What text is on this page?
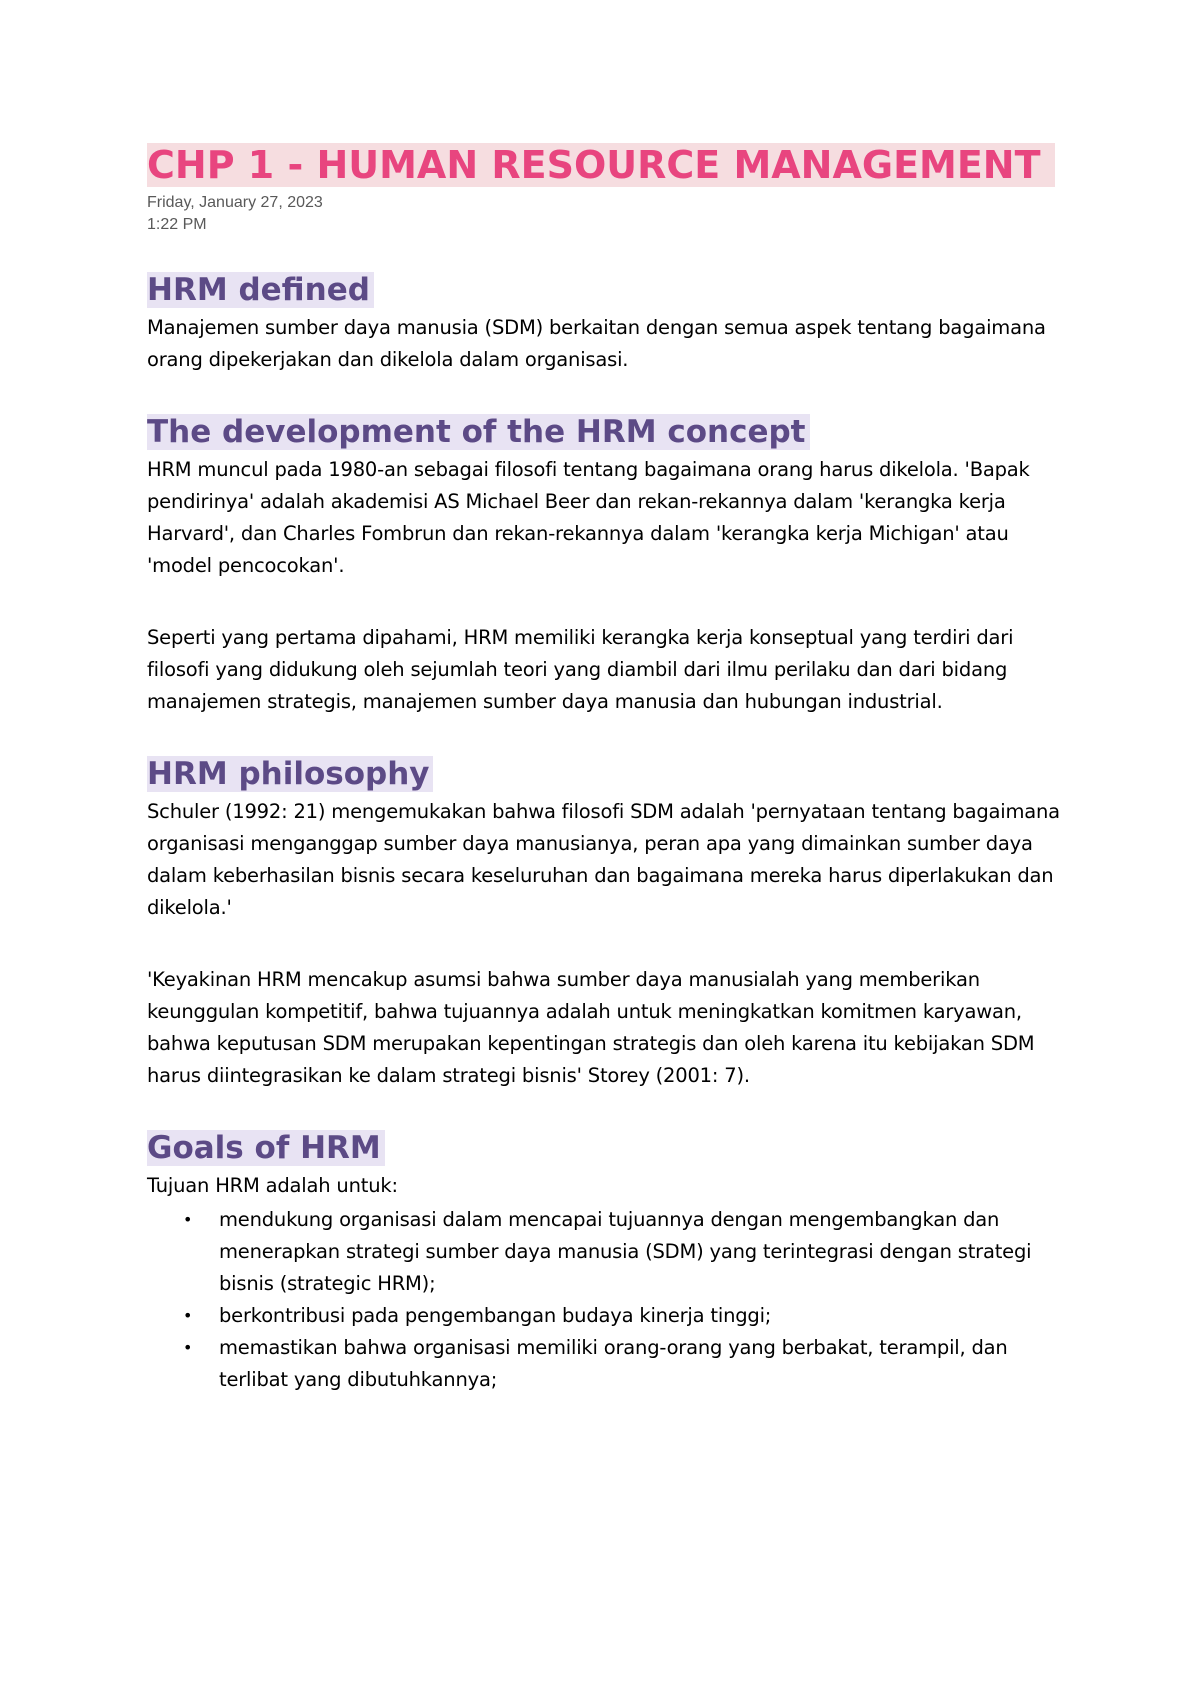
CHP 1 - HUMAN RESOURCE MANAGEMENT
Friday, January 27, 2023
1:22 PM
HRM defined

Manajemen sumber daya manusia (SDM) berkaitan dengan semua aspek tentang bagaimana orang dipekerjakan dan dikelola dalam organisasi.

The development of the HRM concept

HRM muncul pada 1980-an sebagai filosofi tentang bagaimana orang harus dikelola. 'Bapak pendirinya' adalah akademisi AS Michael Beer dan rekan-rekannya dalam 'kerangka kerja Harvard', dan Charles Fombrun dan rekan-rekannya dalam 'kerangka kerja Michigan' atau 'model pencocokan'.

Seperti yang pertama dipahami, HRM memiliki kerangka kerja konseptual yang terdiri dari filosofi yang didukung oleh sejumlah teori yang diambil dari ilmu perilaku dan dari bidang manajemen strategis, manajemen sumber daya manusia dan hubungan industrial.

HRM philosophy

Schuler (1992: 21) mengemukakan bahwa filosofi SDM adalah 'pernyataan tentang bagaimana organisasi menganggap sumber daya manusianya, peran apa yang dimainkan sumber daya dalam keberhasilan bisnis secara keseluruhan dan bagaimana mereka harus diperlakukan dan dikelola.'

'Keyakinan HRM mencakup asumsi bahwa sumber daya manusialah yang memberikan keunggulan kompetitif, bahwa tujuannya adalah untuk meningkatkan komitmen karyawan, bahwa keputusan SDM merupakan kepentingan strategis dan oleh karena itu kebijakan SDM harus diintegrasikan ke dalam strategi bisnis' Storey (2001: 7).

Goals of HRM

Tujuan HRM adalah untuk:

• mendukung organisasi dalam mencapai tujuannya dengan mengembangkan dan menerapkan strategi sumber daya manusia (SDM) yang terintegrasi dengan strategi bisnis (strategic HRM);
• berkontribusi pada pengembangan budaya kinerja tinggi;
• memastikan bahwa organisasi memiliki orang-orang yang berbakat, terampil, dan terlibat yang dibutuhkannya;
